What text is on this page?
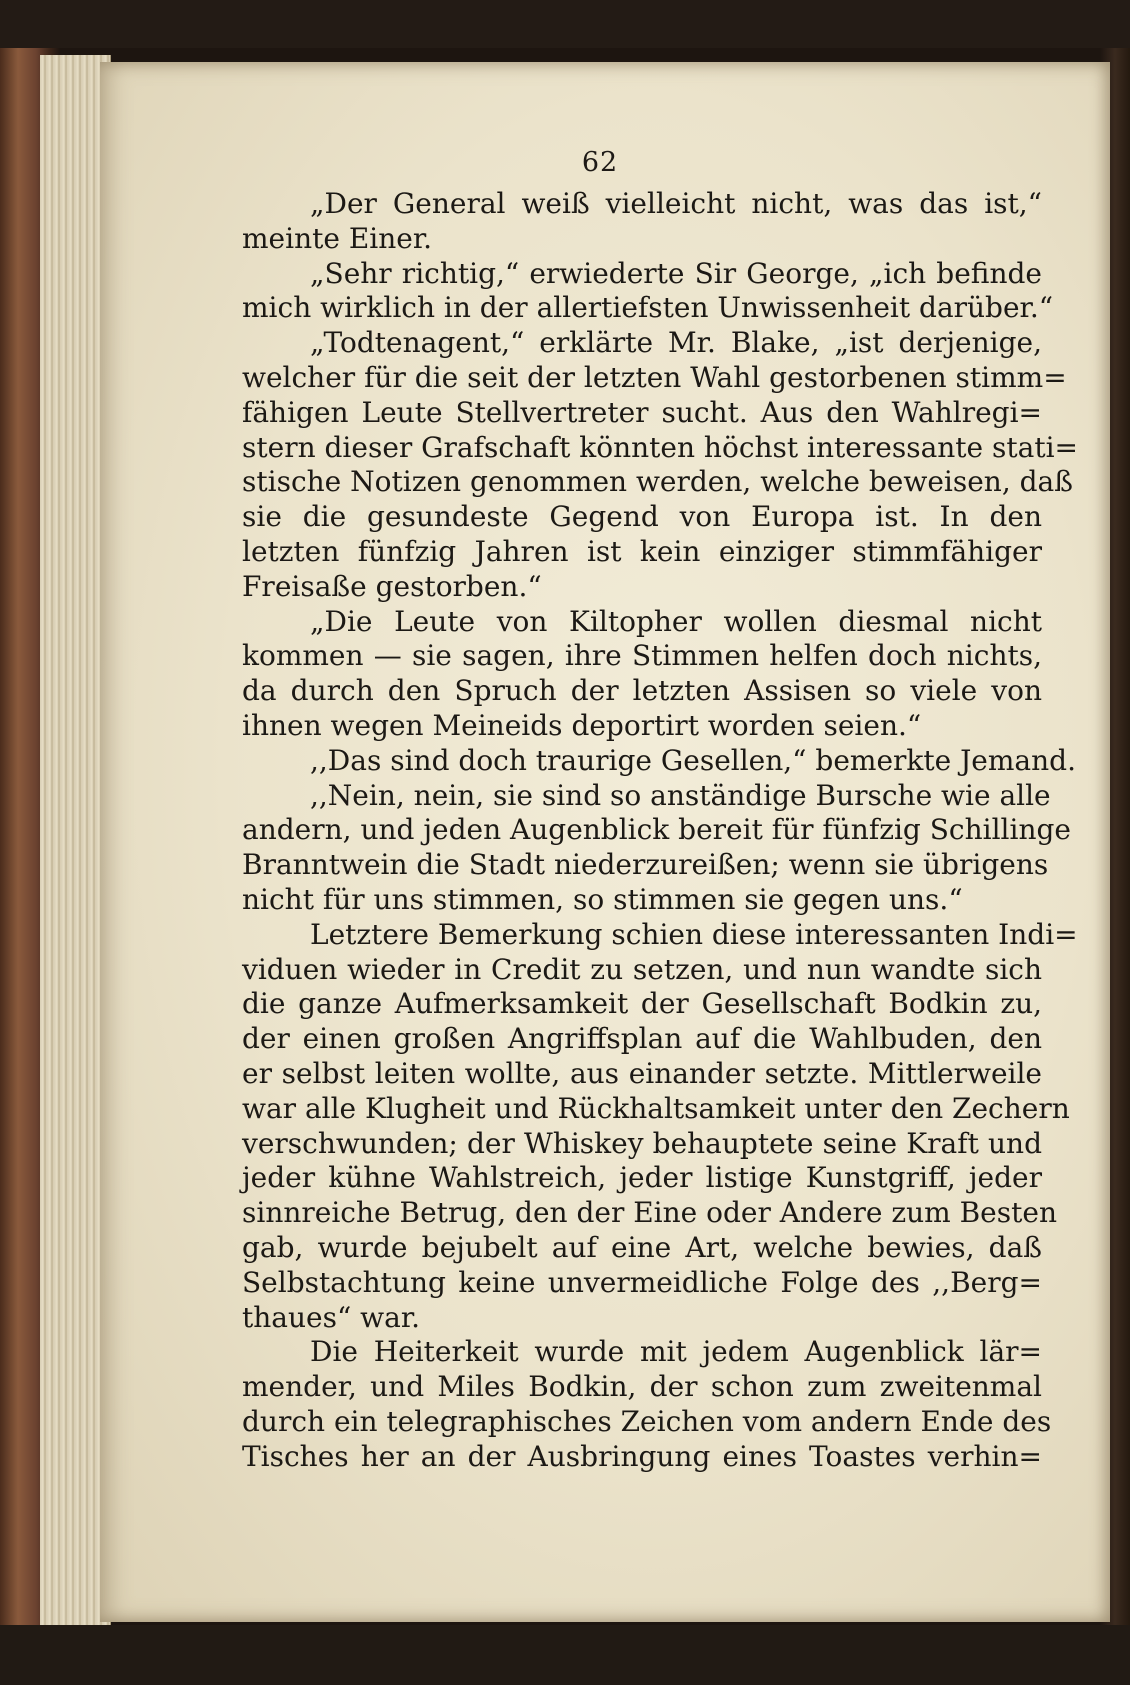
62
„Der General weiß vielleicht nicht, was das ist,“
meinte Einer.
„Sehr richtig,“ erwiederte Sir George, „ich befinde
mich wirklich in der allertiefsten Unwissenheit darüber.“
„Todtenagent,“ erklärte Mr. Blake, „ist derjenige,
welcher für die seit der letzten Wahl gestorbenen stimm=
fähigen Leute Stellvertreter sucht. Aus den Wahlregi=
stern dieser Grafschaft könnten höchst interessante stati=
stische Notizen genommen werden, welche beweisen, daß
sie die gesundeste Gegend von Europa ist. In den
letzten fünfzig Jahren ist kein einziger stimmfähiger
Freisaße gestorben.“
„Die Leute von Kiltopher wollen diesmal nicht
kommen — sie sagen, ihre Stimmen helfen doch nichts,
da durch den Spruch der letzten Assisen so viele von
ihnen wegen Meineids deportirt worden seien.“
,,Das sind doch traurige Gesellen,“ bemerkte Jemand.
,,Nein, nein, sie sind so anständige Bursche wie alle
andern, und jeden Augenblick bereit für fünfzig Schillinge
Branntwein die Stadt niederzureißen; wenn sie übrigens
nicht für uns stimmen, so stimmen sie gegen uns.“
Letztere Bemerkung schien diese interessanten Indi=
viduen wieder in Credit zu setzen, und nun wandte sich
die ganze Aufmerksamkeit der Gesellschaft Bodkin zu,
der einen großen Angriffsplan auf die Wahlbuden, den
er selbst leiten wollte, aus einander setzte. Mittlerweile
war alle Klugheit und Rückhaltsamkeit unter den Zechern
verschwunden; der Whiskey behauptete seine Kraft und
jeder kühne Wahlstreich, jeder listige Kunstgriff, jeder
sinnreiche Betrug, den der Eine oder Andere zum Besten
gab, wurde bejubelt auf eine Art, welche bewies, daß
Selbstachtung keine unvermeidliche Folge des ,,Berg=
thaues“ war.
Die Heiterkeit wurde mit jedem Augenblick lär=
mender, und Miles Bodkin, der schon zum zweitenmal
durch ein telegraphisches Zeichen vom andern Ende des
Tisches her an der Ausbringung eines Toastes verhin=
